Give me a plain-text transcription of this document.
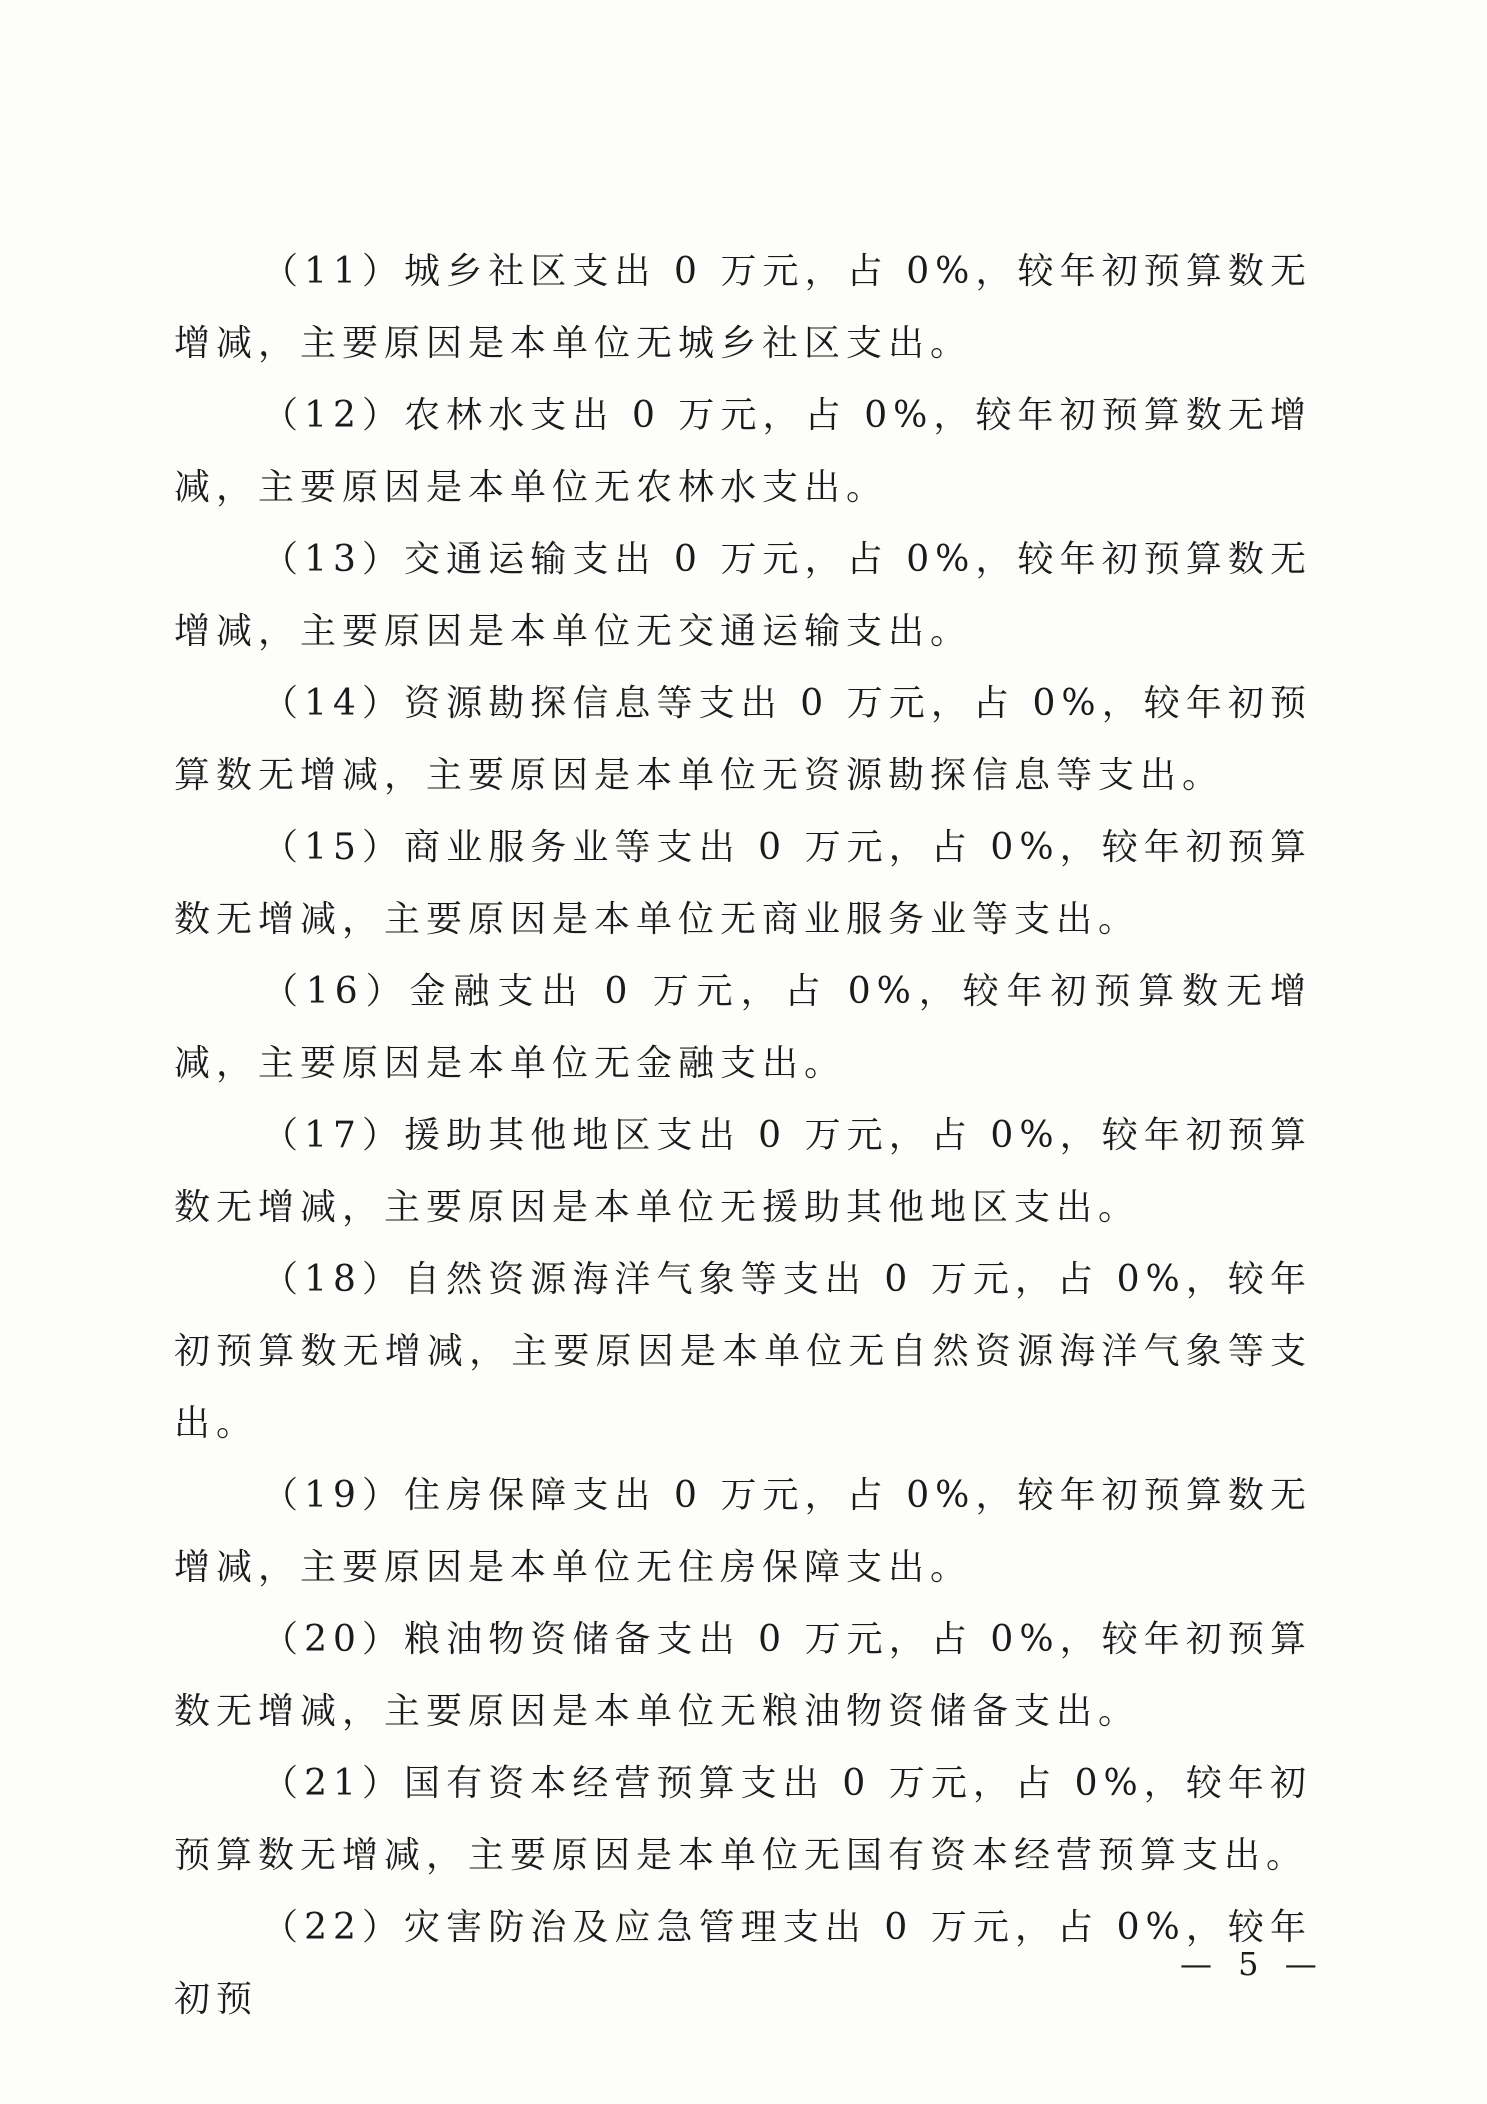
（11）城乡社区支出 0 万元，占 0%，较年初预算数无增减，主要原因是本单位无城乡社区支出。

（12）农林水支出 0 万元，占 0%，较年初预算数无增减，主要原因是本单位无农林水支出。

（13）交通运输支出 0 万元，占 0%，较年初预算数无增减，主要原因是本单位无交通运输支出。

（14）资源勘探信息等支出 0 万元，占 0%，较年初预算数无增减，主要原因是本单位无资源勘探信息等支出。

（15）商业服务业等支出 0 万元，占 0%，较年初预算数无增减，主要原因是本单位无商业服务业等支出。

（16）金融支出 0 万元，占 0%，较年初预算数无增减，主要原因是本单位无金融支出。

（17）援助其他地区支出 0 万元，占 0%，较年初预算数无增减，主要原因是本单位无援助其他地区支出。

（18）自然资源海洋气象等支出 0 万元，占 0%，较年初预算数无增减，主要原因是本单位无自然资源海洋气象等支出。

（19）住房保障支出 0 万元，占 0%，较年初预算数无增减，主要原因是本单位无住房保障支出。

（20）粮油物资储备支出 0 万元，占 0%，较年初预算数无增减，主要原因是本单位无粮油物资储备支出。

（21）国有资本经营预算支出 0 万元，占 0%，较年初预算数无增减，主要原因是本单位无国有资本经营预算支出。

（22）灾害防治及应急管理支出 0 万元，占 0%，较年初预

— 5 —
